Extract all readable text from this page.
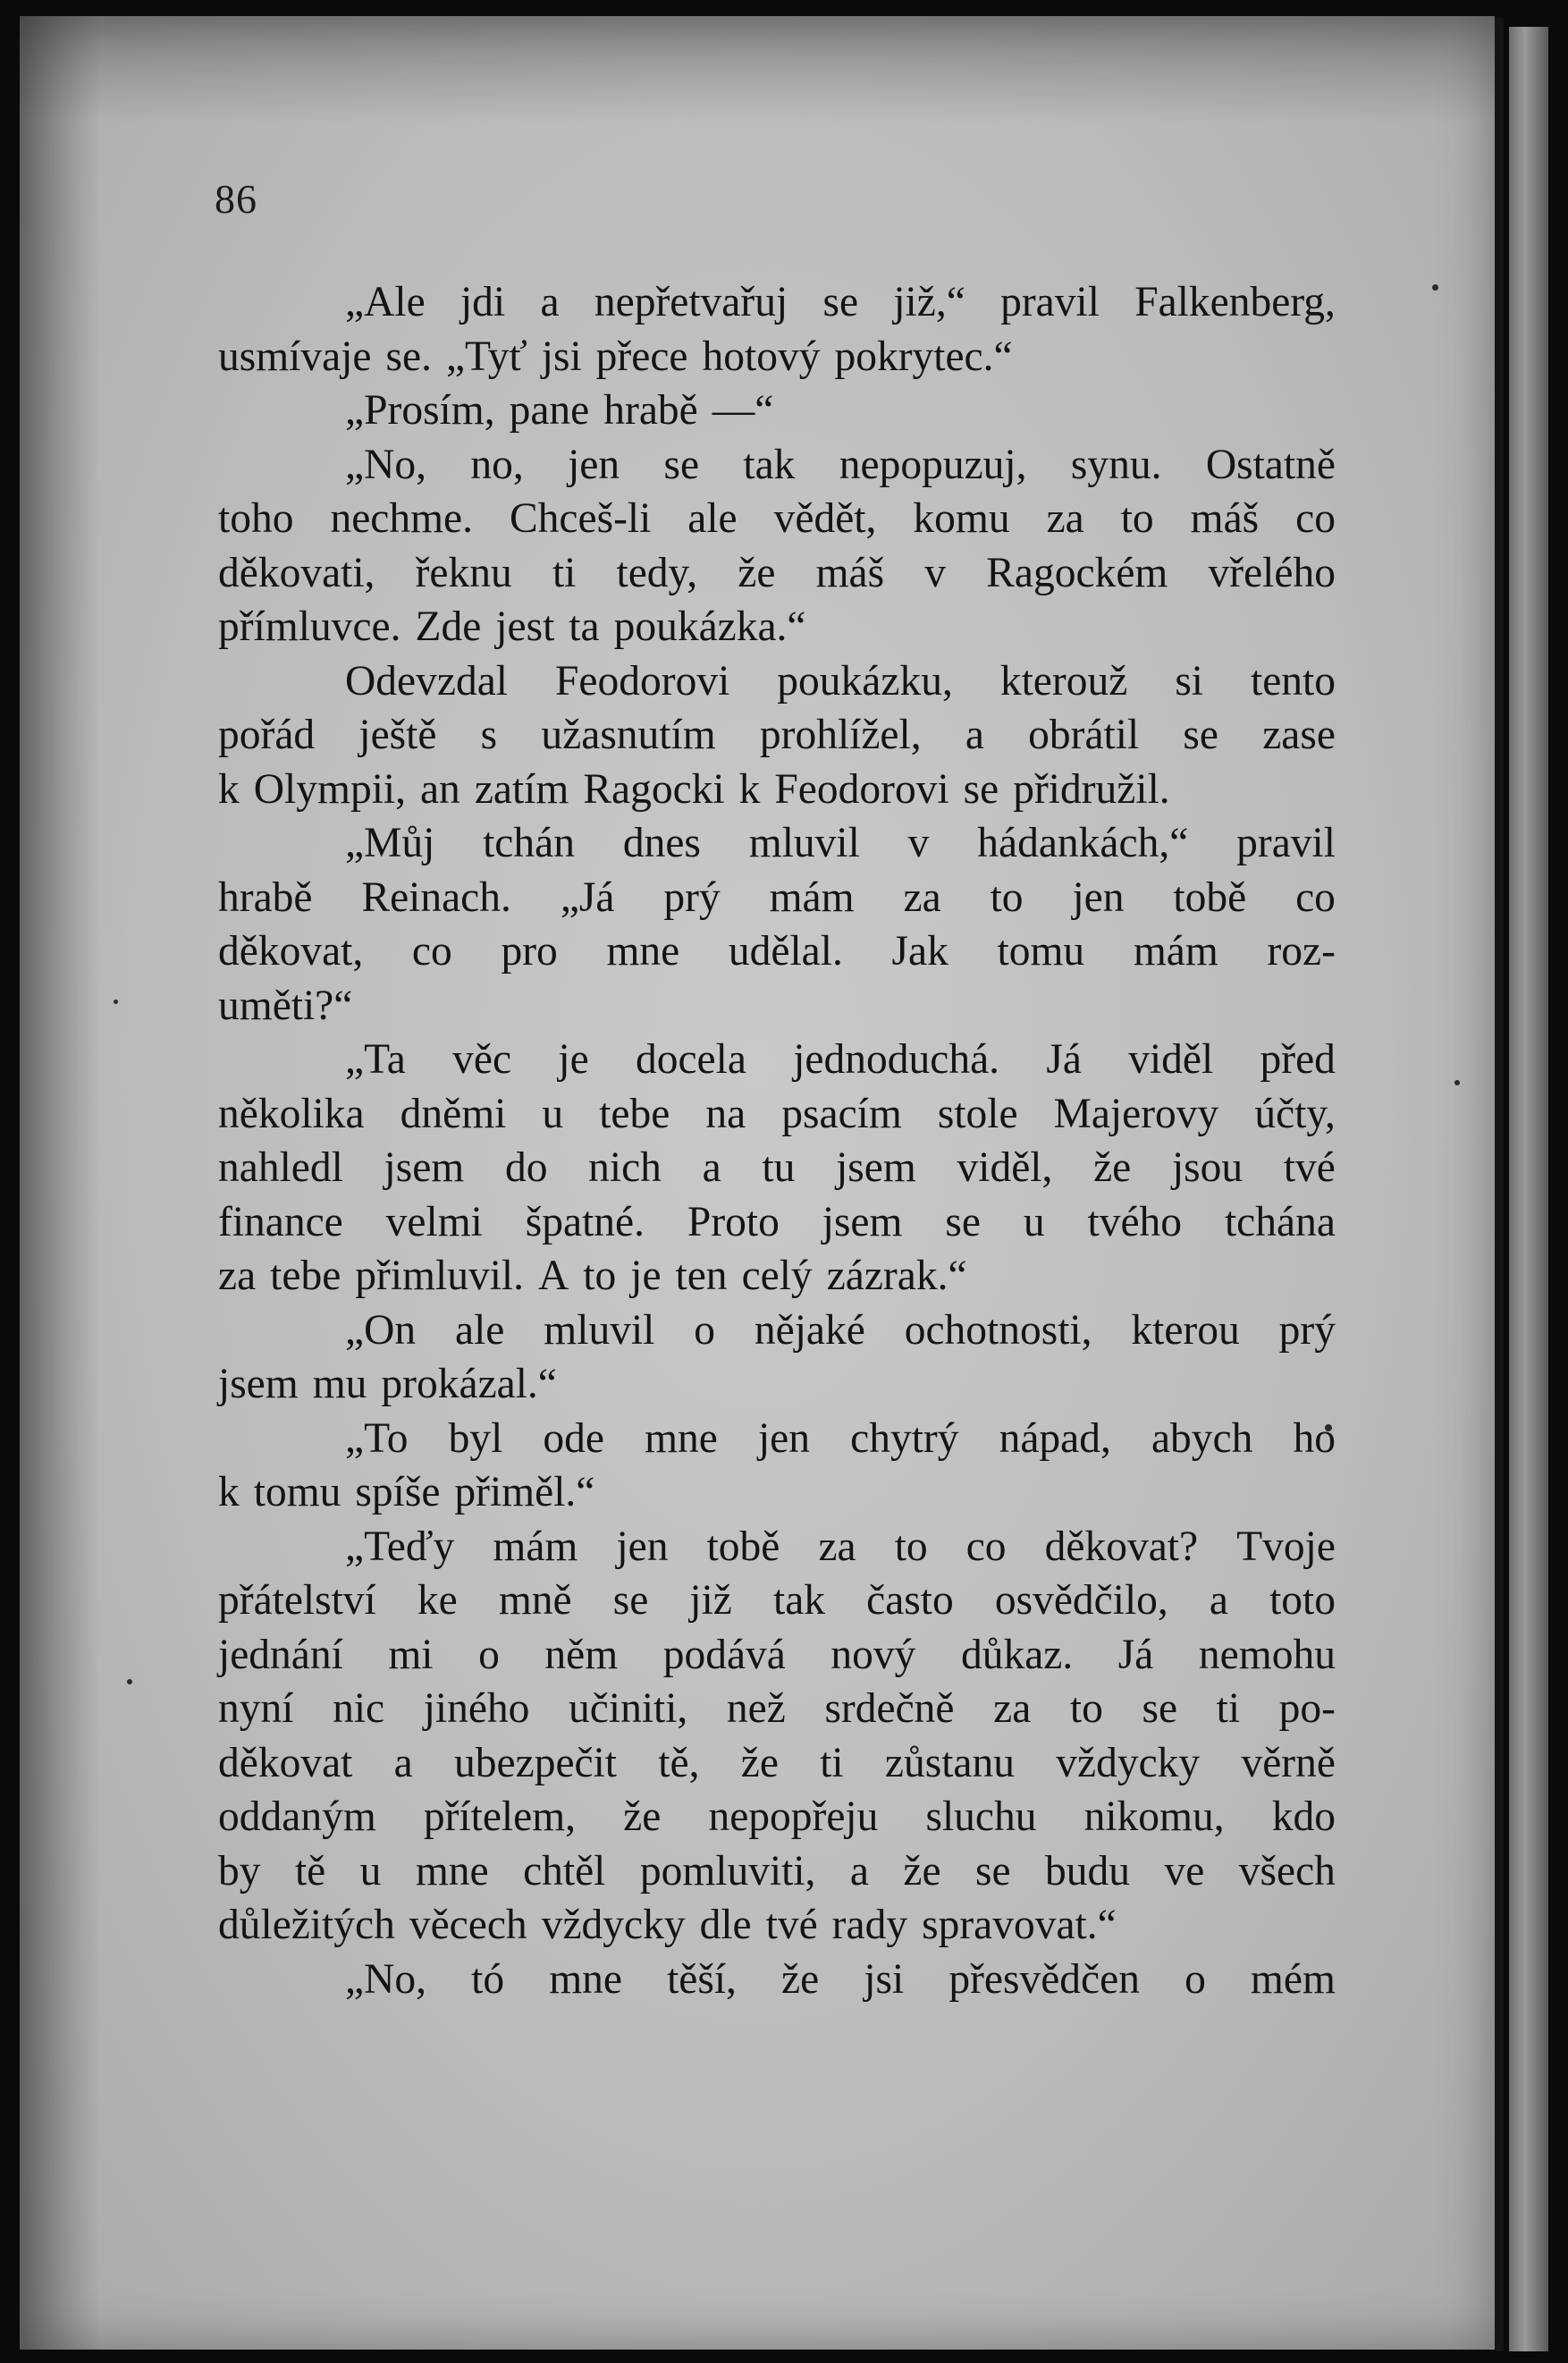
86
„Ale jdi a nepřetvařuj se již,“ pravil Falkenberg,
usmívaje se. „Tyť jsi přece hotový pokrytec.“
„Prosím, pane hrabě —“
„No, no, jen se tak nepopuzuj, synu. Ostatně
toho nechme. Chceš-li ale vědět, komu za to máš co
děkovati, řeknu ti tedy, že máš v Ragockém vřelého
přímluvce. Zde jest ta poukázka.“
Odevzdal Feodorovi poukázku, kterouž si tento
pořád ještě s užasnutím prohlížel, a obrátil se zase
k Olympii, an zatím Ragocki k Feodorovi se přidružil.
„Můj tchán dnes mluvil v hádankách,“ pravil
hrabě Reinach. „Já prý mám za to jen tobě co
děkovat, co pro mne udělal. Jak tomu mám roz-
uměti?“
„Ta věc je docela jednoduchá. Já viděl před
několika dněmi u tebe na psacím stole Majerovy účty,
nahledl jsem do nich a tu jsem viděl, že jsou tvé
finance velmi špatné. Proto jsem se u tvého tchána
za tebe přimluvil. A to je ten celý zázrak.“
„On ale mluvil o nějaké ochotnosti, kterou prý
jsem mu prokázal.“
„To byl ode mne jen chytrý nápad, abych ho
k tomu spíše přiměl.“
„Teďy mám jen tobě za to co děkovat? Tvoje
přátelství ke mně se již tak často osvědčilo, a toto
jednání mi o něm podává nový důkaz. Já nemohu
nyní nic jiného učiniti, než srdečně za to se ti po-
děkovat a ubezpečit tě, že ti zůstanu vždycky věrně
oddaným přítelem, že nepopřeju sluchu nikomu, kdo
by tě u mne chtěl pomluviti, a že se budu ve všech
důležitých věcech vždycky dle tvé rady spravovat.“
„No, tó mne těší, že jsi přesvědčen o mém
